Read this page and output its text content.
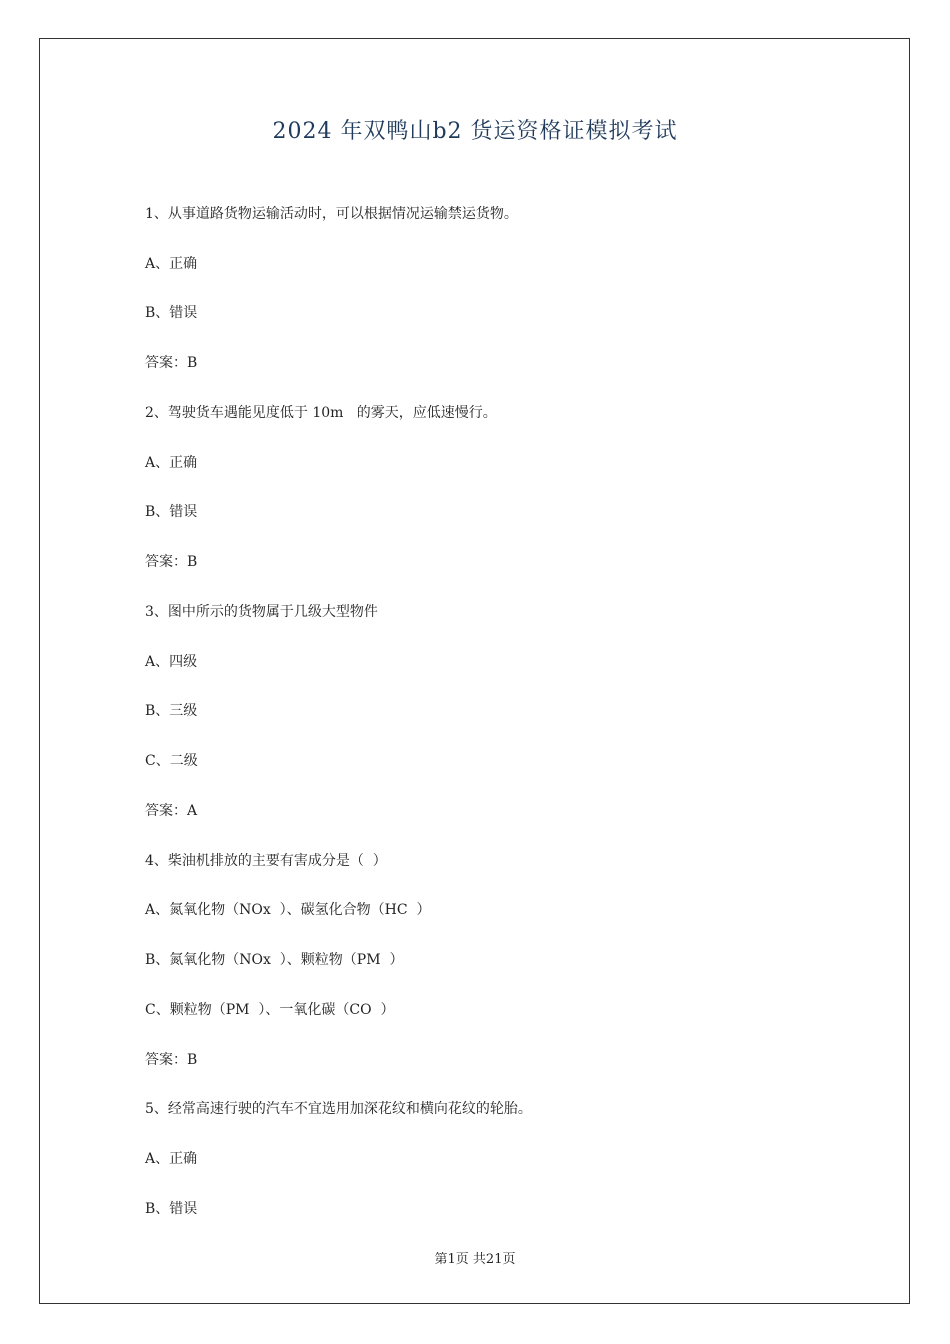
2024 年双鸭山b2 货运资格证模拟考试
1、从事道路货物运输活动时，可以根据情况运输禁运货物。
A、正确
B、错误
答案：B
2、驾驶货车遇能见度低于 10m   的雾天，应低速慢行。
A、正确
B、错误
答案：B
3、图中所示的货物属于几级大型物件
A、四级
B、三级
C、二级
答案：A
4、柴油机排放的主要有害成分是（  ）
A、氮氧化物（NOx  ）、碳氢化合物（HC  ）
B、氮氧化物（NOx  ）、颗粒物（PM  ）
C、颗粒物（PM  ）、一氧化碳（CO  ）
答案：B
5、经常高速行驶的汽车不宜选用加深花纹和横向花纹的轮胎。
A、正确
B、错误
第1页 共21页
